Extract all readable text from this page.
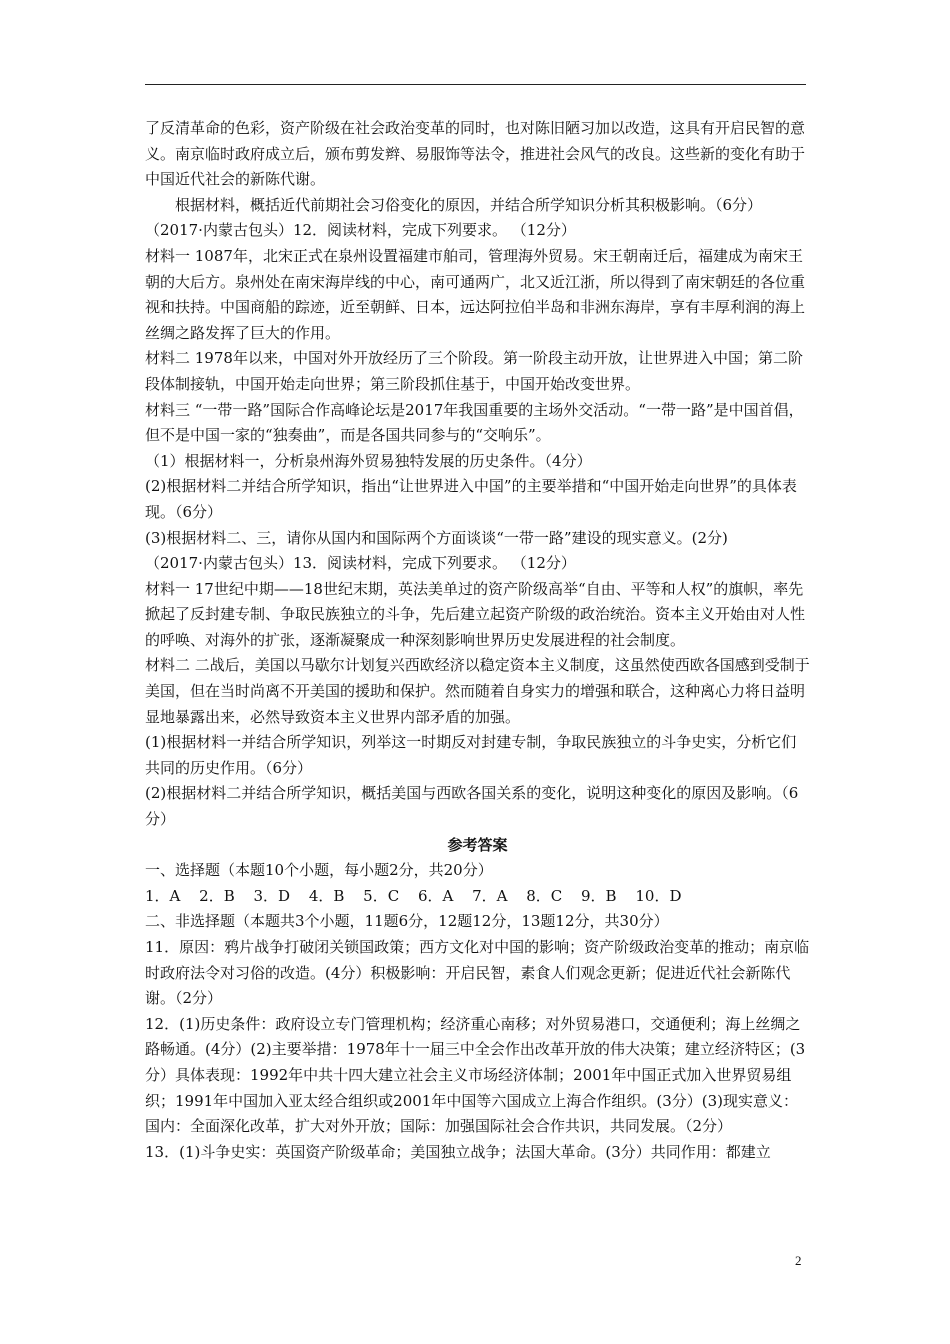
了反清革命的色彩，资产阶级在社会政治变革的同时，也对陈旧陋习加以改造，这具有开启民智的意义。南京临时政府成立后，颁布剪发辫、易服饰等法令，推进社会风气的改良。这些新的变化有助于中国近代社会的新陈代谢。

根据材料，概括近代前期社会习俗变化的原因，并结合所学知识分析其积极影响。（6分）

（2017·内蒙古包头）12．阅读材料，完成下列要求。 （12分）

材料一 1087年，北宋正式在泉州设置福建市舶司，管理海外贸易。宋王朝南迁后，福建成为南宋王朝的大后方。泉州处在南宋海岸线的中心，南可通两广，北又近江浙，所以得到了南宋朝廷的各位重视和扶持。中国商船的踪迹，近至朝鲜、日本，远达阿拉伯半岛和非洲东海岸，享有丰厚利润的海上丝绸之路发挥了巨大的作用。

材料二 1978年以来，中国对外开放经历了三个阶段。第一阶段主动开放，让世界进入中国；第二阶段体制接轨，中国开始走向世界；第三阶段抓住基于，中国开始改变世界。

材料三 “一带一路”国际合作高峰论坛是2017年我国重要的主场外交活动。“一带一路”是中国首倡，但不是中国一家的“独奏曲”，而是各国共同参与的“交响乐”。

（1）根据材料一，分析泉州海外贸易独特发展的历史条件。（4分）

(2)根据材料二并结合所学知识，指出“让世界进入中国”的主要举措和“中国开始走向世界”的具体表现。（6分）

(3)根据材料二、三，请你从国内和国际两个方面谈谈“一带一路”建设的现实意义。(2分)

（2017·内蒙古包头）13．阅读材料，完成下列要求。 （12分）

材料一 17世纪中期——18世纪末期，英法美单过的资产阶级高举“自由、平等和人权”的旗帜，率先掀起了反封建专制、争取民族独立的斗争，先后建立起资产阶级的政治统治。资本主义开始由对人性的呼唤、对海外的扩张，逐渐凝聚成一种深刻影响世界历史发展进程的社会制度。

材料二 二战后，美国以马歇尔计划复兴西欧经济以稳定资本主义制度，这虽然使西欧各国感到受制于美国，但在当时尚离不开美国的援助和保护。然而随着自身实力的增强和联合，这种离心力将日益明显地暴露出来，必然导致资本主义世界内部矛盾的加强。

(1)根据材料一并结合所学知识，列举这一时期反对封建专制，争取民族独立的斗争史实，分析它们共同的历史作用。（6分）

(2)根据材料二并结合所学知识，概括美国与西欧各国关系的变化，说明这种变化的原因及影响。（6分）

参考答案

一、选择题（本题10个小题，每小题2分，共20分）

1．A 2．B 3．D 4．B 5．C 6．A 7．A 8．C 9．B 10．D

二、非选择题（本题共3个小题，11题6分，12题12分，13题12分，共30分）

11．原因：鸦片战争打破闭关锁国政策；西方文化对中国的影响；资产阶级政治变革的推动；南京临时政府法令对习俗的改造。(4分）积极影响：开启民智，素食人们观念更新；促进近代社会新陈代谢。（2分）

12．(1)历史条件：政府设立专门管理机构；经济重心南移；对外贸易港口，交通便利；海上丝绸之路畅通。(4分）(2)主要举措：1978年十一届三中全会作出改革开放的伟大决策；建立经济特区；(3分）具体表现：1992年中共十四大建立社会主义市场经济体制；2001年中国正式加入世界贸易组织；1991年中国加入亚太经合组织或2001年中国等六国成立上海合作组织。(3分）(3)现实意义：国内：全面深化改革，扩大对外开放；国际：加强国际社会合作共识，共同发展。（2分）

13．(1)斗争史实：英国资产阶级革命；美国独立战争；法国大革命。(3分）共同作用：都建立

2
